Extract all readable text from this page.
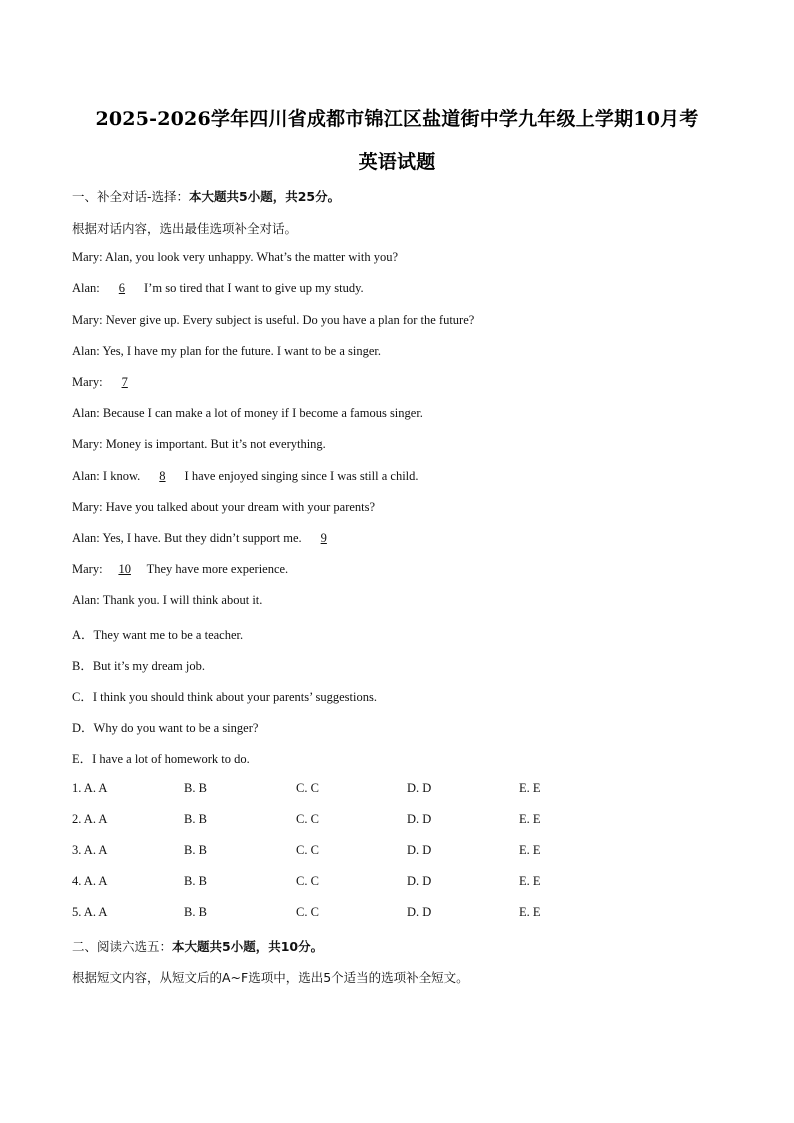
2025-2026学年四川省成都市锦江区盐道街中学九年级上学期10月考
英语试题
一、补全对话-选择：本大题共5小题，共25分。
根据对话内容，选出最佳选项补全对话。
Mary: Alan, you look very unhappy. What’s the matter with you?
Alan: 6 I’m so tired that I want to give up my study.
Mary: Never give up. Every subject is useful. Do you have a plan for the future?
Alan: Yes, I have my plan for the future. I want to be a singer.
Mary: 7
Alan: Because I can make a lot of money if I become a famous singer.
Mary: Money is important. But it’s not everything.
Alan: I know. 8 I have enjoyed singing since I was still a child.
Mary: Have you talked about your dream with your parents?
Alan: Yes, I have. But they didn’t support me. 9
Mary: 10 They have more experience.
Alan: Thank you. I will think about it.
A．They want me to be a teacher.
B．But it’s my dream job.
C．I think you should think about your parents’ suggestions.
D．Why do you want to be a singer?
E．I have a lot of homework to do.
1. A. A	B. B	C. C	D. D	E. E
2. A. A	B. B	C. C	D. D	E. E
3. A. A	B. B	C. C	D. D	E. E
4. A. A	B. B	C. C	D. D	E. E
5. A. A	B. B	C. C	D. D	E. E
二、阅读六选五：本大题共5小题，共10分。
根据短文内容，从短文后的A~F选项中，选出5个适当的选项补全短文。
